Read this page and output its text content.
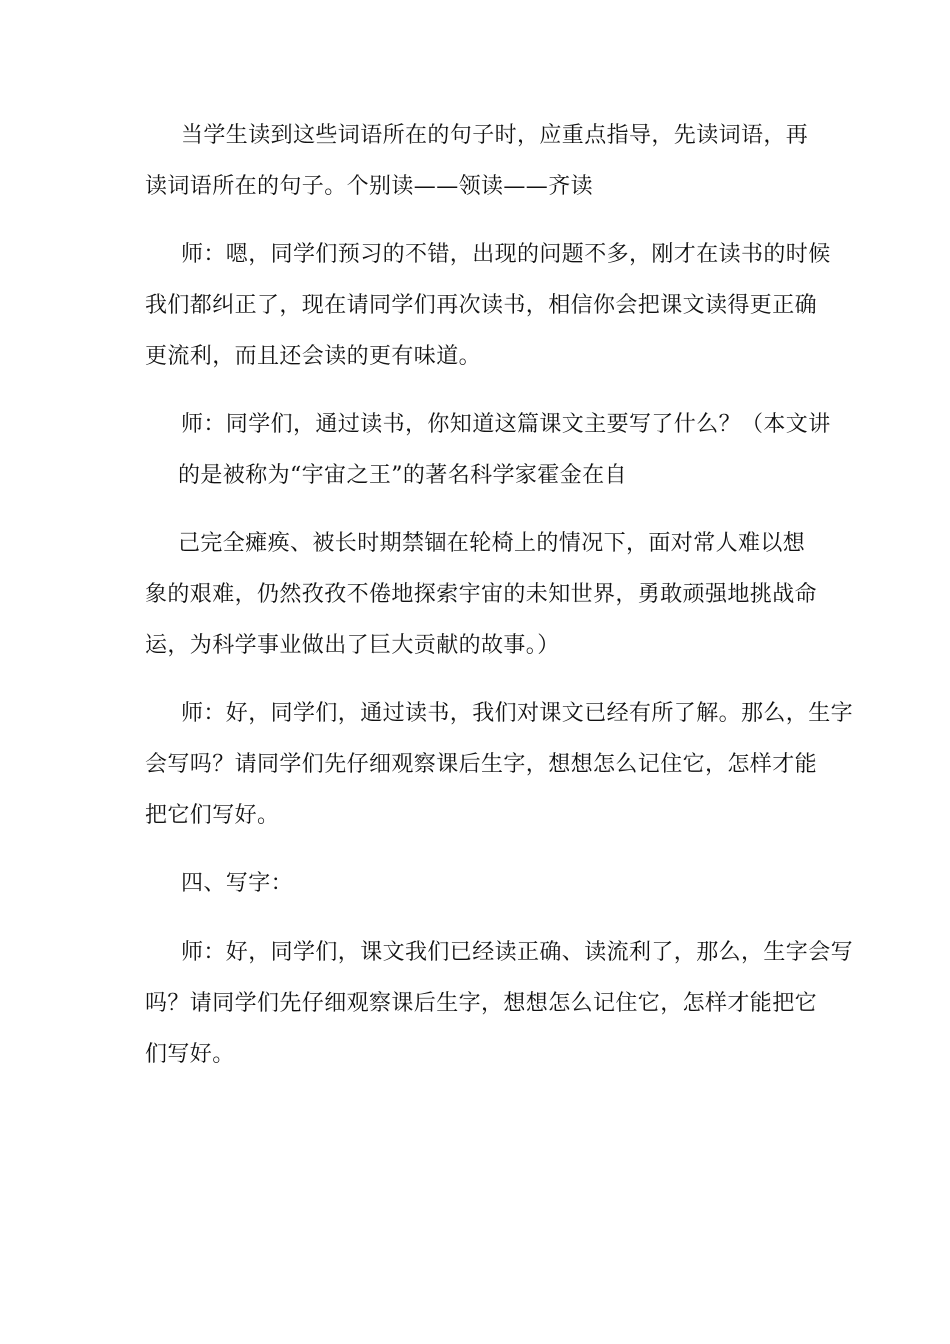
当学生读到这些词语所在的句子时，应重点指导，先读词语，再
读词语所在的句子。个别读——领读——齐读
师：嗯，同学们预习的不错，出现的问题不多，刚才在读书的时候
我们都纠正了，现在请同学们再次读书，相信你会把课文读得更正确
更流利，而且还会读的更有味道。
师：同学们，通过读书，你知道这篇课文主要写了什么？（本文讲
的是被称为“宇宙之王”的著名科学家霍金在自
己完全瘫痪、被长时期禁锢在轮椅上的情况下，面对常人难以想
象的艰难，仍然孜孜不倦地探索宇宙的未知世界，勇敢顽强地挑战命
运，为科学事业做出了巨大贡献的故事。）
师：好，同学们，通过读书，我们对课文已经有所了解。那么，生字
会写吗？请同学们先仔细观察课后生字，想想怎么记住它，怎样才能
把它们写好。
四、写字：
师：好，同学们，课文我们已经读正确、读流利了，那么，生字会写
吗？请同学们先仔细观察课后生字，想想怎么记住它，怎样才能把它
们写好。
